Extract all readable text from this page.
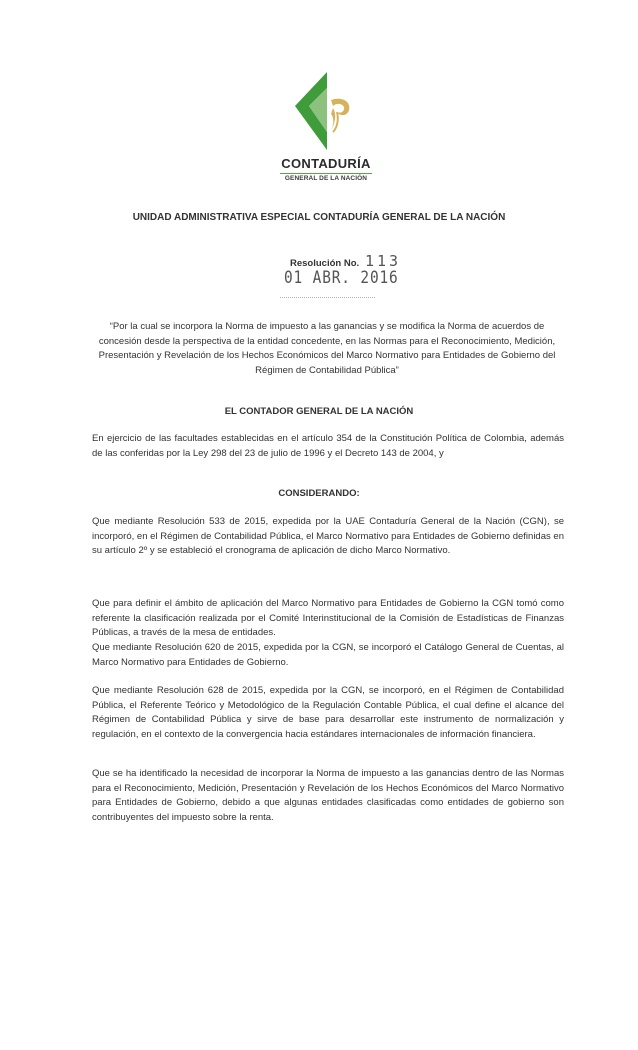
CONTADURÍA
GENERAL DE LA NACIÓN
UNIDAD ADMINISTRATIVA ESPECIAL CONTADURÍA GENERAL DE LA NACIÓN
Resolución No. 113
01 ABR. 2016
“Por la cual se incorpora la Norma de impuesto a las ganancias y se modifica la Norma de acuerdos de concesión desde la perspectiva de la entidad concedente, en las Normas para el Reconocimiento, Medición, Presentación y Revelación de los Hechos Económicos del Marco Normativo para Entidades de Gobierno del Régimen de Contabilidad Pública”
EL CONTADOR GENERAL DE LA NACIÓN

En ejercicio de las facultades establecidas en el artículo 354 de la Constitución Política de Colombia, además de las conferidas por la Ley 298 del 23 de julio de 1996 y el Decreto 143 de 2004, y

CONSIDERANDO:

Que mediante Resolución 533 de 2015, expedida por la UAE Contaduría General de la Nación (CGN), se incorporó, en el Régimen de Contabilidad Pública, el Marco Normativo para Entidades de Gobierno definidas en su artículo 2º y se estableció el cronograma de aplicación de dicho Marco Normativo.

Que para definir el ámbito de aplicación del Marco Normativo para Entidades de Gobierno la CGN tomó como referente la clasificación realizada por el Comité Interinstitucional de la Comisión de Estadísticas de Finanzas Públicas, a través de la mesa de entidades.

Que mediante Resolución 620 de 2015, expedida por la CGN, se incorporó el Catálogo General de Cuentas, al Marco Normativo para Entidades de Gobierno.

Que mediante Resolución 628 de 2015, expedida por la CGN, se incorporó, en el Régimen de Contabilidad Pública, el Referente Teórico y Metodológico de la Regulación Contable Pública, el cual define el alcance del Régimen de Contabilidad Pública y sirve de base para desarrollar este instrumento de normalización y regulación, en el contexto de la convergencia hacia estándares internacionales de información financiera.

Que se ha identificado la necesidad de incorporar la Norma de impuesto a las ganancias dentro de las Normas para el Reconocimiento, Medición, Presentación y Revelación de los Hechos Económicos del Marco Normativo para Entidades de Gobierno, debido a que algunas entidades clasificadas como entidades de gobierno son contribuyentes del impuesto sobre la renta.
